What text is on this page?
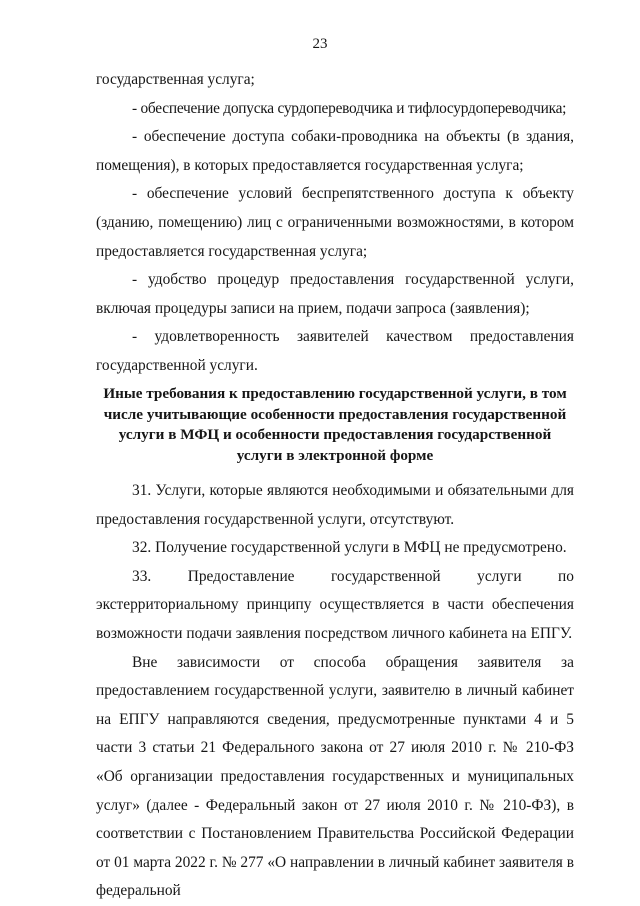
23

государственная услуга;

- обеспечение допуска сурдопереводчика и тифлосурдопереводчика;

- обеспечение доступа собаки-проводника на объекты (в здания, помещения), в которых предоставляется государственная услуга;

- обеспечение условий беспрепятственного доступа к объекту (зданию, помещению) лиц с ограниченными возможностями, в котором предоставляется государственная услуга;

- удобство процедур предоставления государственной услуги, включая процедуры записи на прием, подачи запроса (заявления);

- удовлетворенность заявителей качеством предоставления

государственной услуги.

Иные требования к предоставлению государственной услуги, в том числе учитывающие особенности предоставления государственной услуги в МФЦ и особенности предоставления государственной услуги в электронной форме

31. Услуги, которые являются необходимыми и обязательными для предоставления государственной услуги, отсутствуют.

32. Получение государственной услуги в МФЦ не предусмотрено.

33. Предоставление государственной услуги по

экстерриториальному принципу осуществляется в части обеспечения возможности подачи заявления посредством личного кабинета на ЕПГУ.

Вне зависимости от способа обращения заявителя за

предоставлением государственной услуги, заявителю в личный кабинет на ЕПГУ направляются сведения, предусмотренные пунктами 4 и 5 части 3 статьи 21 Федерального закона от 27 июля 2010 г. № 210-ФЗ «Об организации предоставления государственных и муниципальных услуг» (далее - Федеральный закон от 27 июля 2010 г. № 210-ФЗ), в соответствии с Постановлением Правительства Российской Федерации от 01 марта 2022 г. № 277 «О направлении в личный кабинет заявителя в федеральной
